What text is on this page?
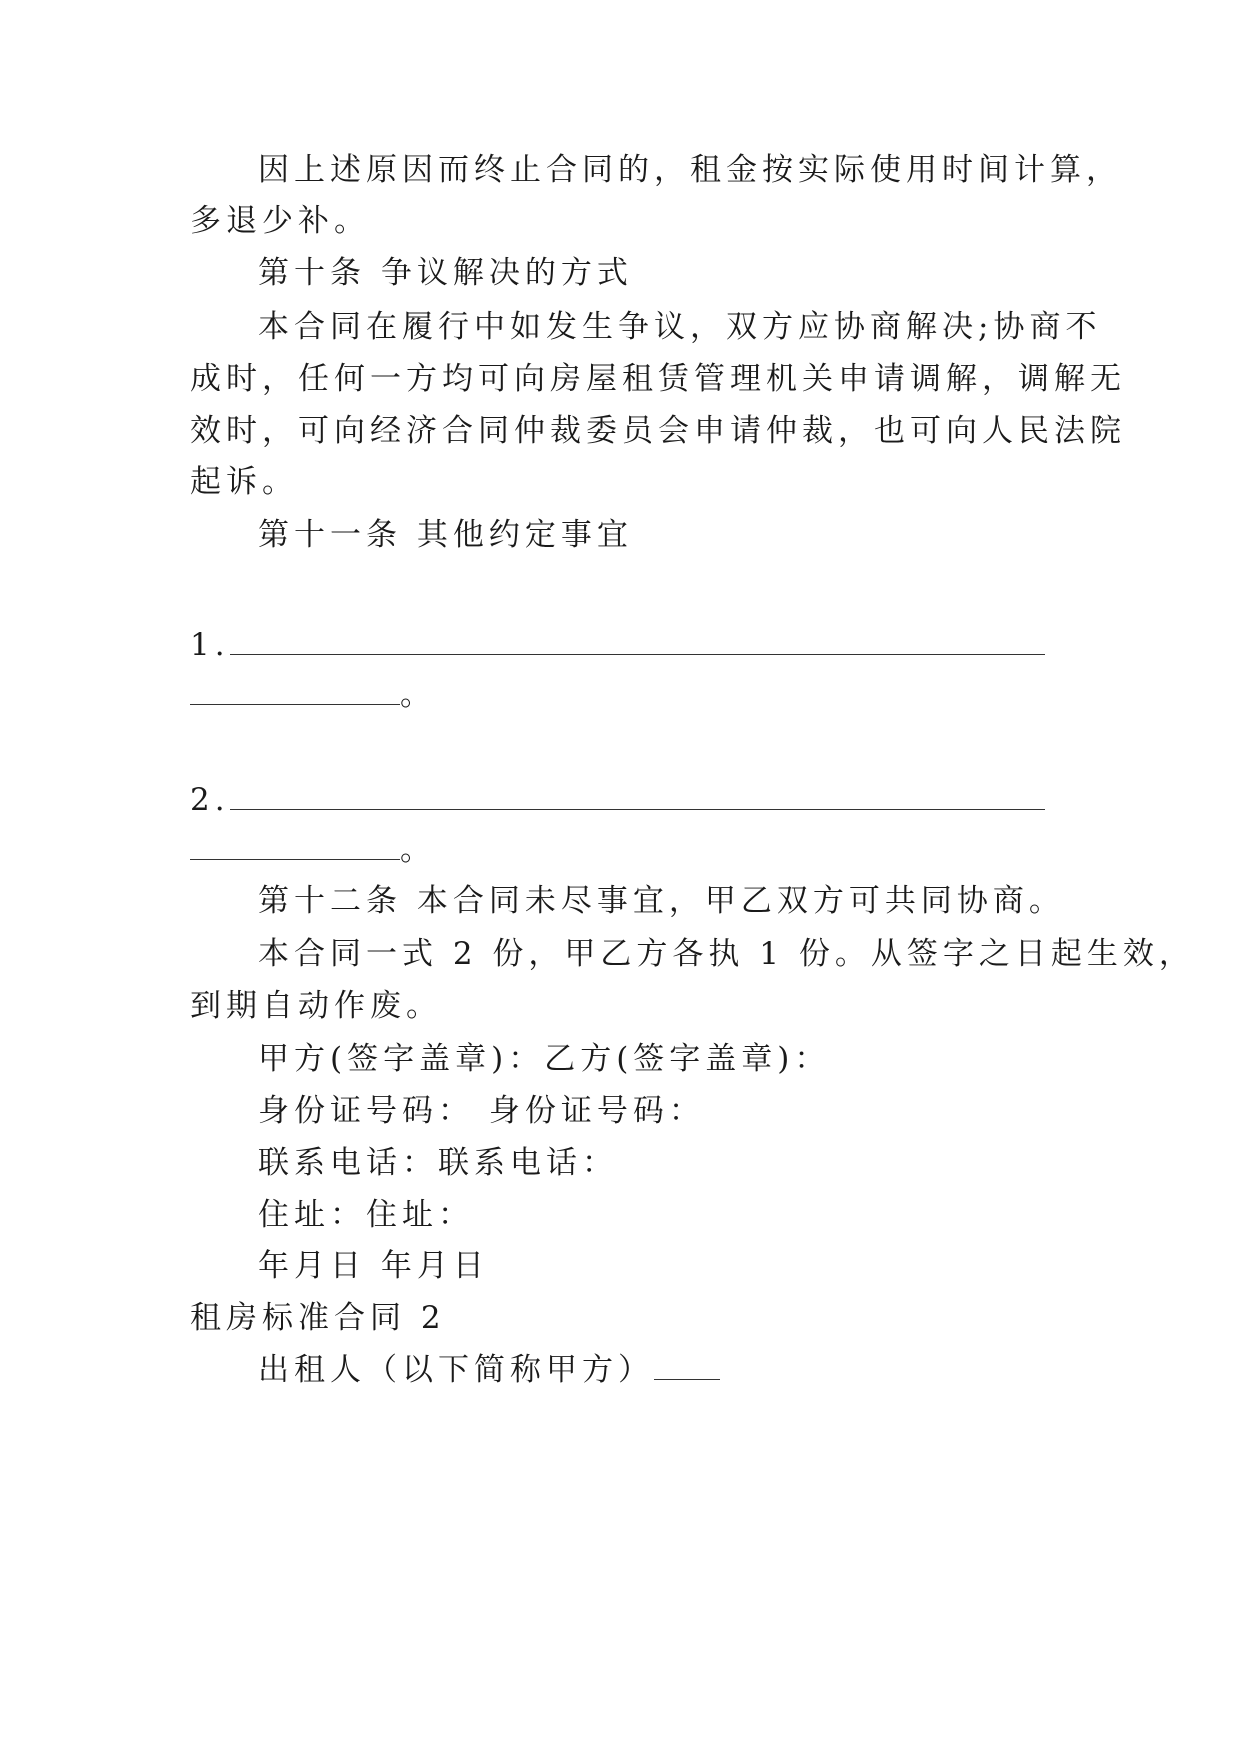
因上述原因而终止合同的，租金按实际使用时间计算，
多退少补。
第十条 争议解决的方式
本合同在履行中如发生争议，双方应协商解决;协商不
成时，任何一方均可向房屋租赁管理机关申请调解，调解无
效时，可向经济合同仲裁委员会申请仲裁，也可向人民法院
起诉。
第十一条 其他约定事宜
1.
。
2.
。
第十二条 本合同未尽事宜，甲乙双方可共同协商。
本合同一式 2 份，甲乙方各执 1 份。从签字之日起生效，
到期自动作废。
甲方(签字盖章)：乙方(签字盖章)：
身份证号码： 身份证号码：
联系电话：联系电话：
住址：住址：
年月日 年月日
租房标准合同 2
出租人（以下简称甲方）
